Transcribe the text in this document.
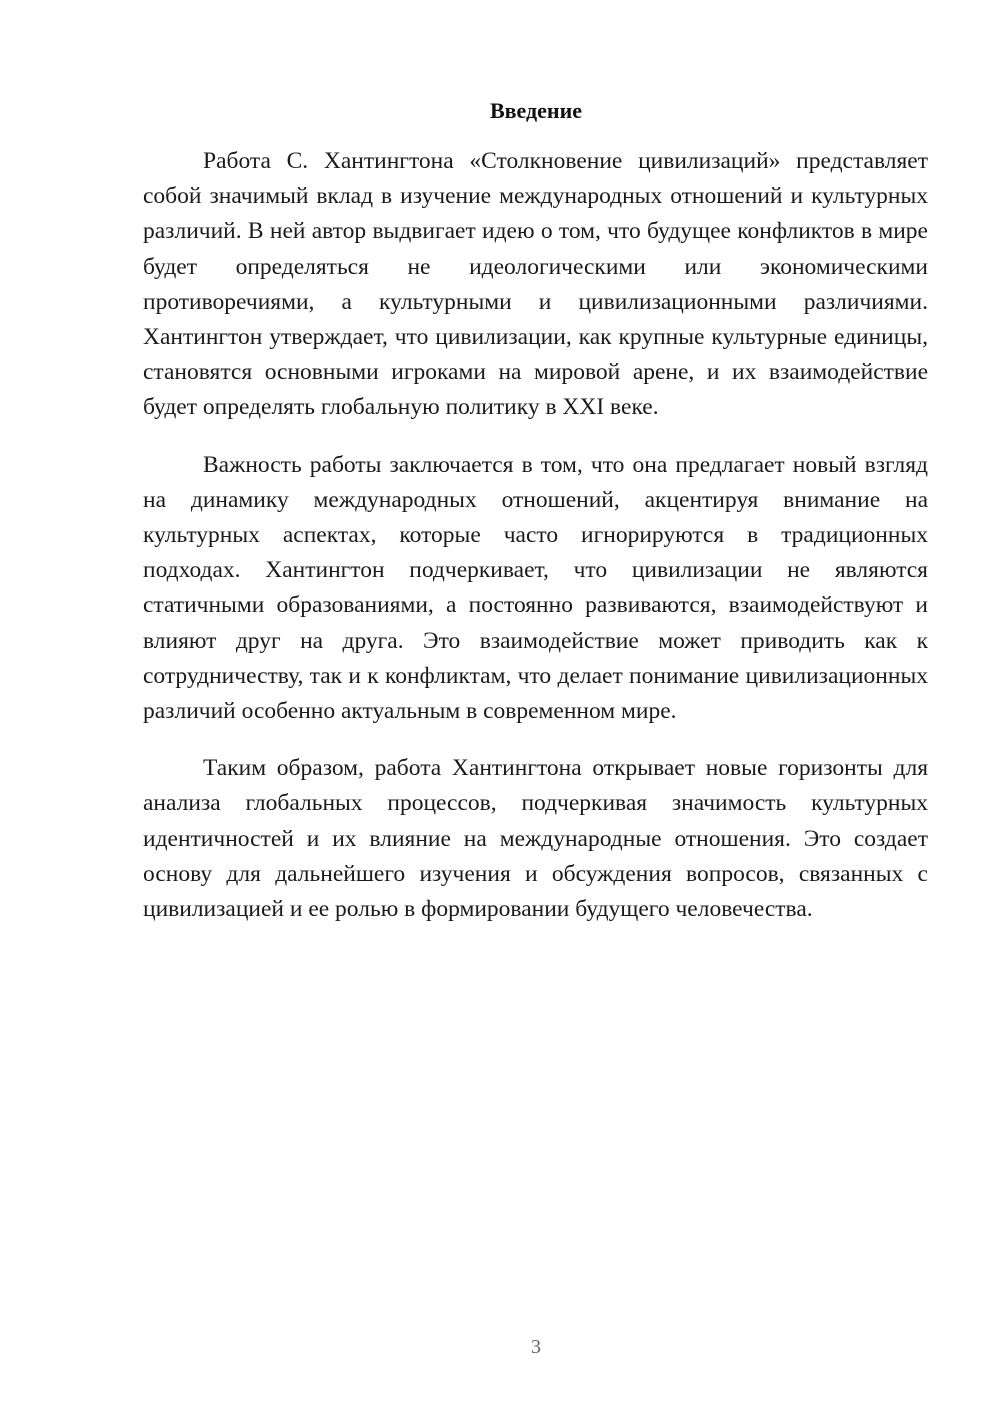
Введение

Работа С. Хантингтона «Столкновение цивилизаций» представляет собой значимый вклад в изучение международных отношений и культурных различий. В ней автор выдвигает идею о том, что будущее конфликтов в мире будет определяться не идеологическими или экономическими противоречиями, а культурными и цивилизационными различиями. Хантингтон утверждает, что цивилизации, как крупные культурные единицы, становятся основными игроками на мировой арене, и их взаимодействие будет определять глобальную политику в XXI веке.

Важность работы заключается в том, что она предлагает новый взгляд на динамику международных отношений, акцентируя внимание на культурных аспектах, которые часто игнорируются в традиционных подходах. Хантингтон подчеркивает, что цивилизации не являются статичными образованиями, а постоянно развиваются, взаимодействуют и влияют друг на друга. Это взаимодействие может приводить как к сотрудничеству, так и к конфликтам, что делает понимание цивилизационных различий особенно актуальным в современном мире.

Таким образом, работа Хантингтона открывает новые горизонты для анализа глобальных процессов, подчеркивая значимость культурных идентичностей и их влияние на международные отношения. Это создает основу для дальнейшего изучения и обсуждения вопросов, связанных с цивилизацией и ее ролью в формировании будущего человечества.

3
